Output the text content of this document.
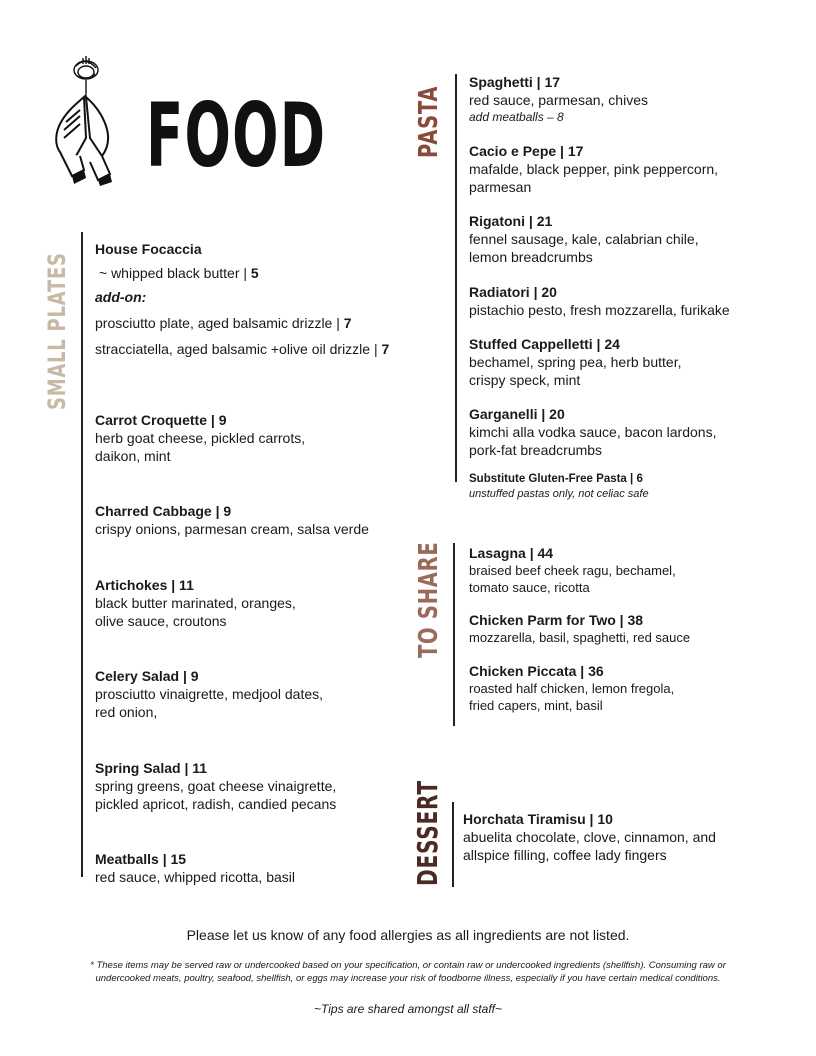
FOOD
SMALL PLATES
House Focaccia
~ whipped black butter | 5
add-on:
prosciutto plate, aged balsamic drizzle | 7
stracciatella, aged balsamic +olive oil drizzle | 7
Carrot Croquette | 9
herb goat cheese, pickled carrots,
daikon, mint
Charred Cabbage | 9
crispy onions, parmesan cream, salsa verde
Artichokes | 11
black butter marinated, oranges,
olive sauce, croutons
Celery Salad | 9
prosciutto vinaigrette, medjool dates,
red onion,
Spring Salad | 11
spring greens, goat cheese vinaigrette,
pickled apricot, radish, candied pecans
Meatballs | 15
red sauce, whipped ricotta, basil
PASTA
Spaghetti | 17
red sauce, parmesan, chives
add meatballs – 8
Cacio e Pepe | 17
mafalde, black pepper, pink peppercorn,
parmesan
Rigatoni | 21
fennel sausage, kale, calabrian chile,
lemon breadcrumbs
Radiatori | 20
pistachio pesto, fresh mozzarella, furikake
Stuffed Cappelletti | 24
bechamel, spring pea, herb butter,
crispy speck, mint
Garganelli | 20
kimchi alla vodka sauce, bacon lardons,
pork-fat breadcrumbs
Substitute Gluten-Free Pasta | 6
unstuffed pastas only, not celiac safe
TO SHARE Lasagna | 44
braised beef cheek ragu, bechamel,
tomato sauce, ricotta
Chicken Parm for Two | 38
mozzarella, basil, spaghetti, red sauce
Chicken Piccata | 36
roasted half chicken, lemon fregola,
fried capers, mint, basil
DESSERT Horchata Tiramisu | 10
abuelita chocolate, clove, cinnamon, and
allspice filling, coffee lady fingers
Please let us know of any food allergies as all ingredients are not listed.
* These items may be served raw or undercooked based on your specification, or contain raw or undercooked ingredients (shellfish). Consuming raw or
undercooked meats, poultry, seafood, shellfish, or eggs may increase your risk of foodborne illness, especially if you have certain medical conditions.
~Tips are shared amongst all staff~
